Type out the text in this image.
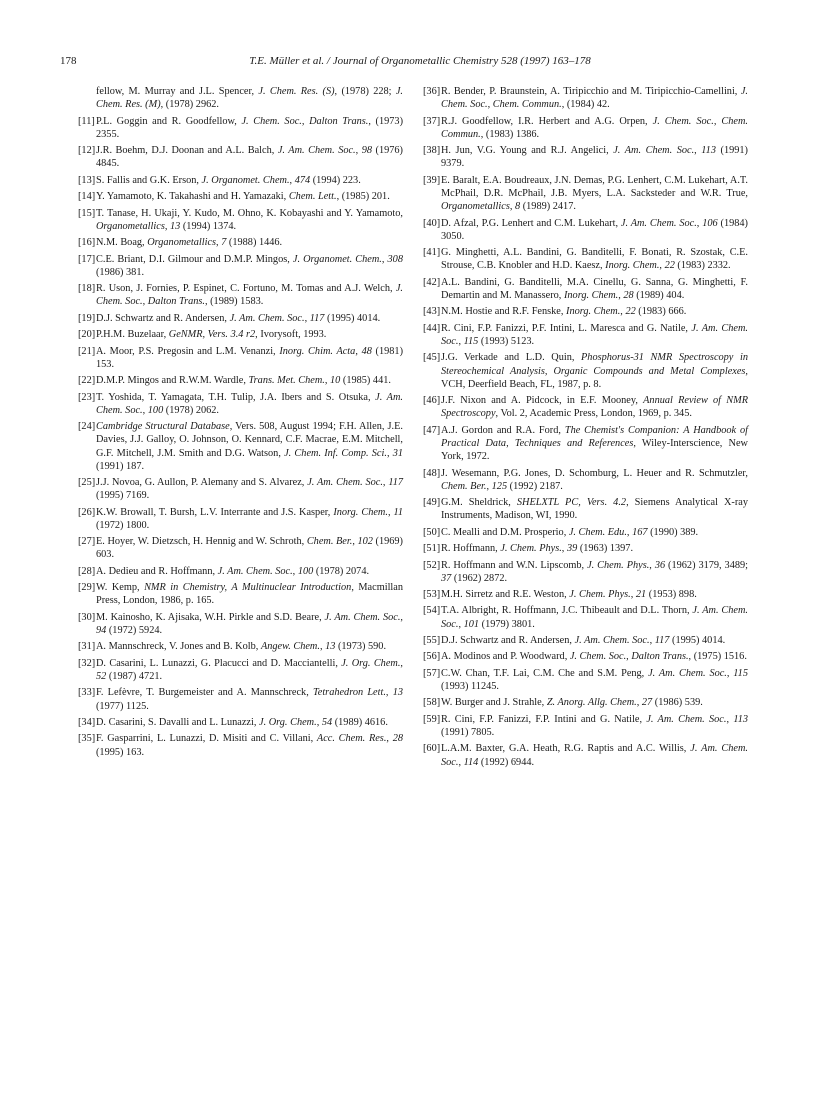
178	T.E. Müller et al. / Journal of Organometallic Chemistry 528 (1997) 163–178
fellow, M. Murray and J.L. Spencer, J. Chem. Res. (S), (1978) 228; J. Chem. Res. (M), (1978) 2962.
[11] P.L. Goggin and R. Goodfellow, J. Chem. Soc., Dalton Trans., (1973) 2355.
[12] J.R. Boehm, D.J. Doonan and A.L. Balch, J. Am. Chem. Soc., 98 (1976) 4845.
[13] S. Fallis and G.K. Erson, J. Organomet. Chem., 474 (1994) 223.
[14] Y. Yamamoto, K. Takahashi and H. Yamazaki, Chem. Lett., (1985) 201.
[15] T. Tanase, H. Ukaji, Y. Kudo, M. Ohno, K. Kobayashi and Y. Yamamoto, Organometallics, 13 (1994) 1374.
[16] N.M. Boag, Organometallics, 7 (1988) 1446.
[17] C.E. Briant, D.I. Gilmour and D.M.P. Mingos, J. Organomet. Chem., 308 (1986) 381.
[18] R. Uson, J. Fornies, P. Espinet, C. Fortuno, M. Tomas and A.J. Welch, J. Chem. Soc., Dalton Trans., (1989) 1583.
[19] D.J. Schwartz and R. Andersen, J. Am. Chem. Soc., 117 (1995) 4014.
[20] P.H.M. Buzelaar, GeNMR, Vers. 3.4 r2, Ivorysoft, 1993.
[21] A. Moor, P.S. Pregosin and L.M. Venanzi, Inorg. Chim. Acta, 48 (1981) 153.
[22] D.M.P. Mingos and R.W.M. Wardle, Trans. Met. Chem., 10 (1985) 441.
[23] T. Yoshida, T. Yamagata, T.H. Tulip, J.A. Ibers and S. Otsuka, J. Am. Chem. Soc., 100 (1978) 2062.
[24] Cambridge Structural Database, Vers. 508, August 1994; F.H. Allen, J.E. Davies, J.J. Galloy, O. Johnson, O. Kennard, C.F. Macrae, E.M. Mitchell, G.F. Mitchell, J.M. Smith and D.G. Watson, J. Chem. Inf. Comp. Sci., 31 (1991) 187.
[25] J.J. Novoa, G. Aullon, P. Alemany and S. Alvarez, J. Am. Chem. Soc., 117 (1995) 7169.
[26] K.W. Browall, T. Bursh, L.V. Interrante and J.S. Kasper, Inorg. Chem., 11 (1972) 1800.
[27] E. Hoyer, W. Dietzsch, H. Hennig and W. Schroth, Chem. Ber., 102 (1969) 603.
[28] A. Dedieu and R. Hoffmann, J. Am. Chem. Soc., 100 (1978) 2074.
[29] W. Kemp, NMR in Chemistry, A Multinuclear Introduction, Macmillan Press, London, 1986, p. 165.
[30] M. Kainosho, K. Ajisaka, W.H. Pirkle and S.D. Beare, J. Am. Chem. Soc., 94 (1972) 5924.
[31] A. Mannschreck, V. Jones and B. Kolb, Angew. Chem., 13 (1973) 590.
[32] D. Casarini, L. Lunazzi, G. Placucci and D. Macciantelli, J. Org. Chem., 52 (1987) 4721.
[33] F. Lefèvre, T. Burgemeister and A. Mannschreck, Tetrahedron Lett., 13 (1977) 1125.
[34] D. Casarini, S. Davalli and L. Lunazzi, J. Org. Chem., 54 (1989) 4616.
[35] F. Gasparrini, L. Lunazzi, D. Misiti and C. Villani, Acc. Chem. Res., 28 (1995) 163.
[36] R. Bender, P. Braunstein, A. Tiripicchio and M. Tiripicchio-Camellini, J. Chem. Soc., Chem. Commun., (1984) 42.
[37] R.J. Goodfellow, I.R. Herbert and A.G. Orpen, J. Chem. Soc., Chem. Commun., (1983) 1386.
[38] H. Jun, V.G. Young and R.J. Angelici, J. Am. Chem. Soc., 113 (1991) 9379.
[39] E. Baralt, E.A. Boudreaux, J.N. Demas, P.G. Lenhert, C.M. Lukehart, A.T. McPhail, D.R. McPhail, J.B. Myers, L.A. Sacksteder and W.R. True, Organometallics, 8 (1989) 2417.
[40] D. Afzal, P.G. Lenhert and C.M. Lukehart, J. Am. Chem. Soc., 106 (1984) 3050.
[41] G. Minghetti, A.L. Bandini, G. Banditelli, F. Bonati, R. Szostak, C.E. Strouse, C.B. Knobler and H.D. Kaesz, Inorg. Chem., 22 (1983) 2332.
[42] A.L. Bandini, G. Banditelli, M.A. Cinellu, G. Sanna, G. Minghetti, F. Demartin and M. Manassero, Inorg. Chem., 28 (1989) 404.
[43] N.M. Hostie and R.F. Fenske, Inorg. Chem., 22 (1983) 666.
[44] R. Cini, F.P. Fanizzi, P.F. Intini, L. Maresca and G. Natile, J. Am. Chem. Soc., 115 (1993) 5123.
[45] J.G. Verkade and L.D. Quin, Phosphorus-31 NMR Spectroscopy in Stereochemical Analysis, Organic Compounds and Metal Complexes, VCH, Deerfield Beach, FL, 1987, p. 8.
[46] J.F. Nixon and A. Pidcock, in E.F. Mooney, Annual Review of NMR Spectroscopy, Vol. 2, Academic Press, London, 1969, p. 345.
[47] A.J. Gordon and R.A. Ford, The Chemist's Companion: A Handbook of Practical Data, Techniques and References, Wiley-Interscience, New York, 1972.
[48] J. Wesemann, P.G. Jones, D. Schomburg, L. Heuer and R. Schmutzler, Chem. Ber., 125 (1992) 2187.
[49] G.M. Sheldrick, SHELXTL PC, Vers. 4.2, Siemens Analytical X-ray Instruments, Madison, WI, 1990.
[50] C. Mealli and D.M. Prosperio, J. Chem. Edu., 167 (1990) 389.
[51] R. Hoffmann, J. Chem. Phys., 39 (1963) 1397.
[52] R. Hoffmann and W.N. Lipscomb, J. Chem. Phys., 36 (1962) 3179, 3489; 37 (1962) 2872.
[53] M.H. Sirretz and R.E. Weston, J. Chem. Phys., 21 (1953) 898.
[54] T.A. Albright, R. Hoffmann, J.C. Thibeault and D.L. Thorn, J. Am. Chem. Soc., 101 (1979) 3801.
[55] D.J. Schwartz and R. Andersen, J. Am. Chem. Soc., 117 (1995) 4014.
[56] A. Modinos and P. Woodward, J. Chem. Soc., Dalton Trans., (1975) 1516.
[57] C.W. Chan, T.F. Lai, C.M. Che and S.M. Peng, J. Am. Chem. Soc., 115 (1993) 11245.
[58] W. Burger and J. Strahle, Z. Anorg. Allg. Chem., 27 (1986) 539.
[59] R. Cini, F.P. Fanizzi, F.P. Intini and G. Natile, J. Am. Chem. Soc., 113 (1991) 7805.
[60] L.A.M. Baxter, G.A. Heath, R.G. Raptis and A.C. Willis, J. Am. Chem. Soc., 114 (1992) 6944.
